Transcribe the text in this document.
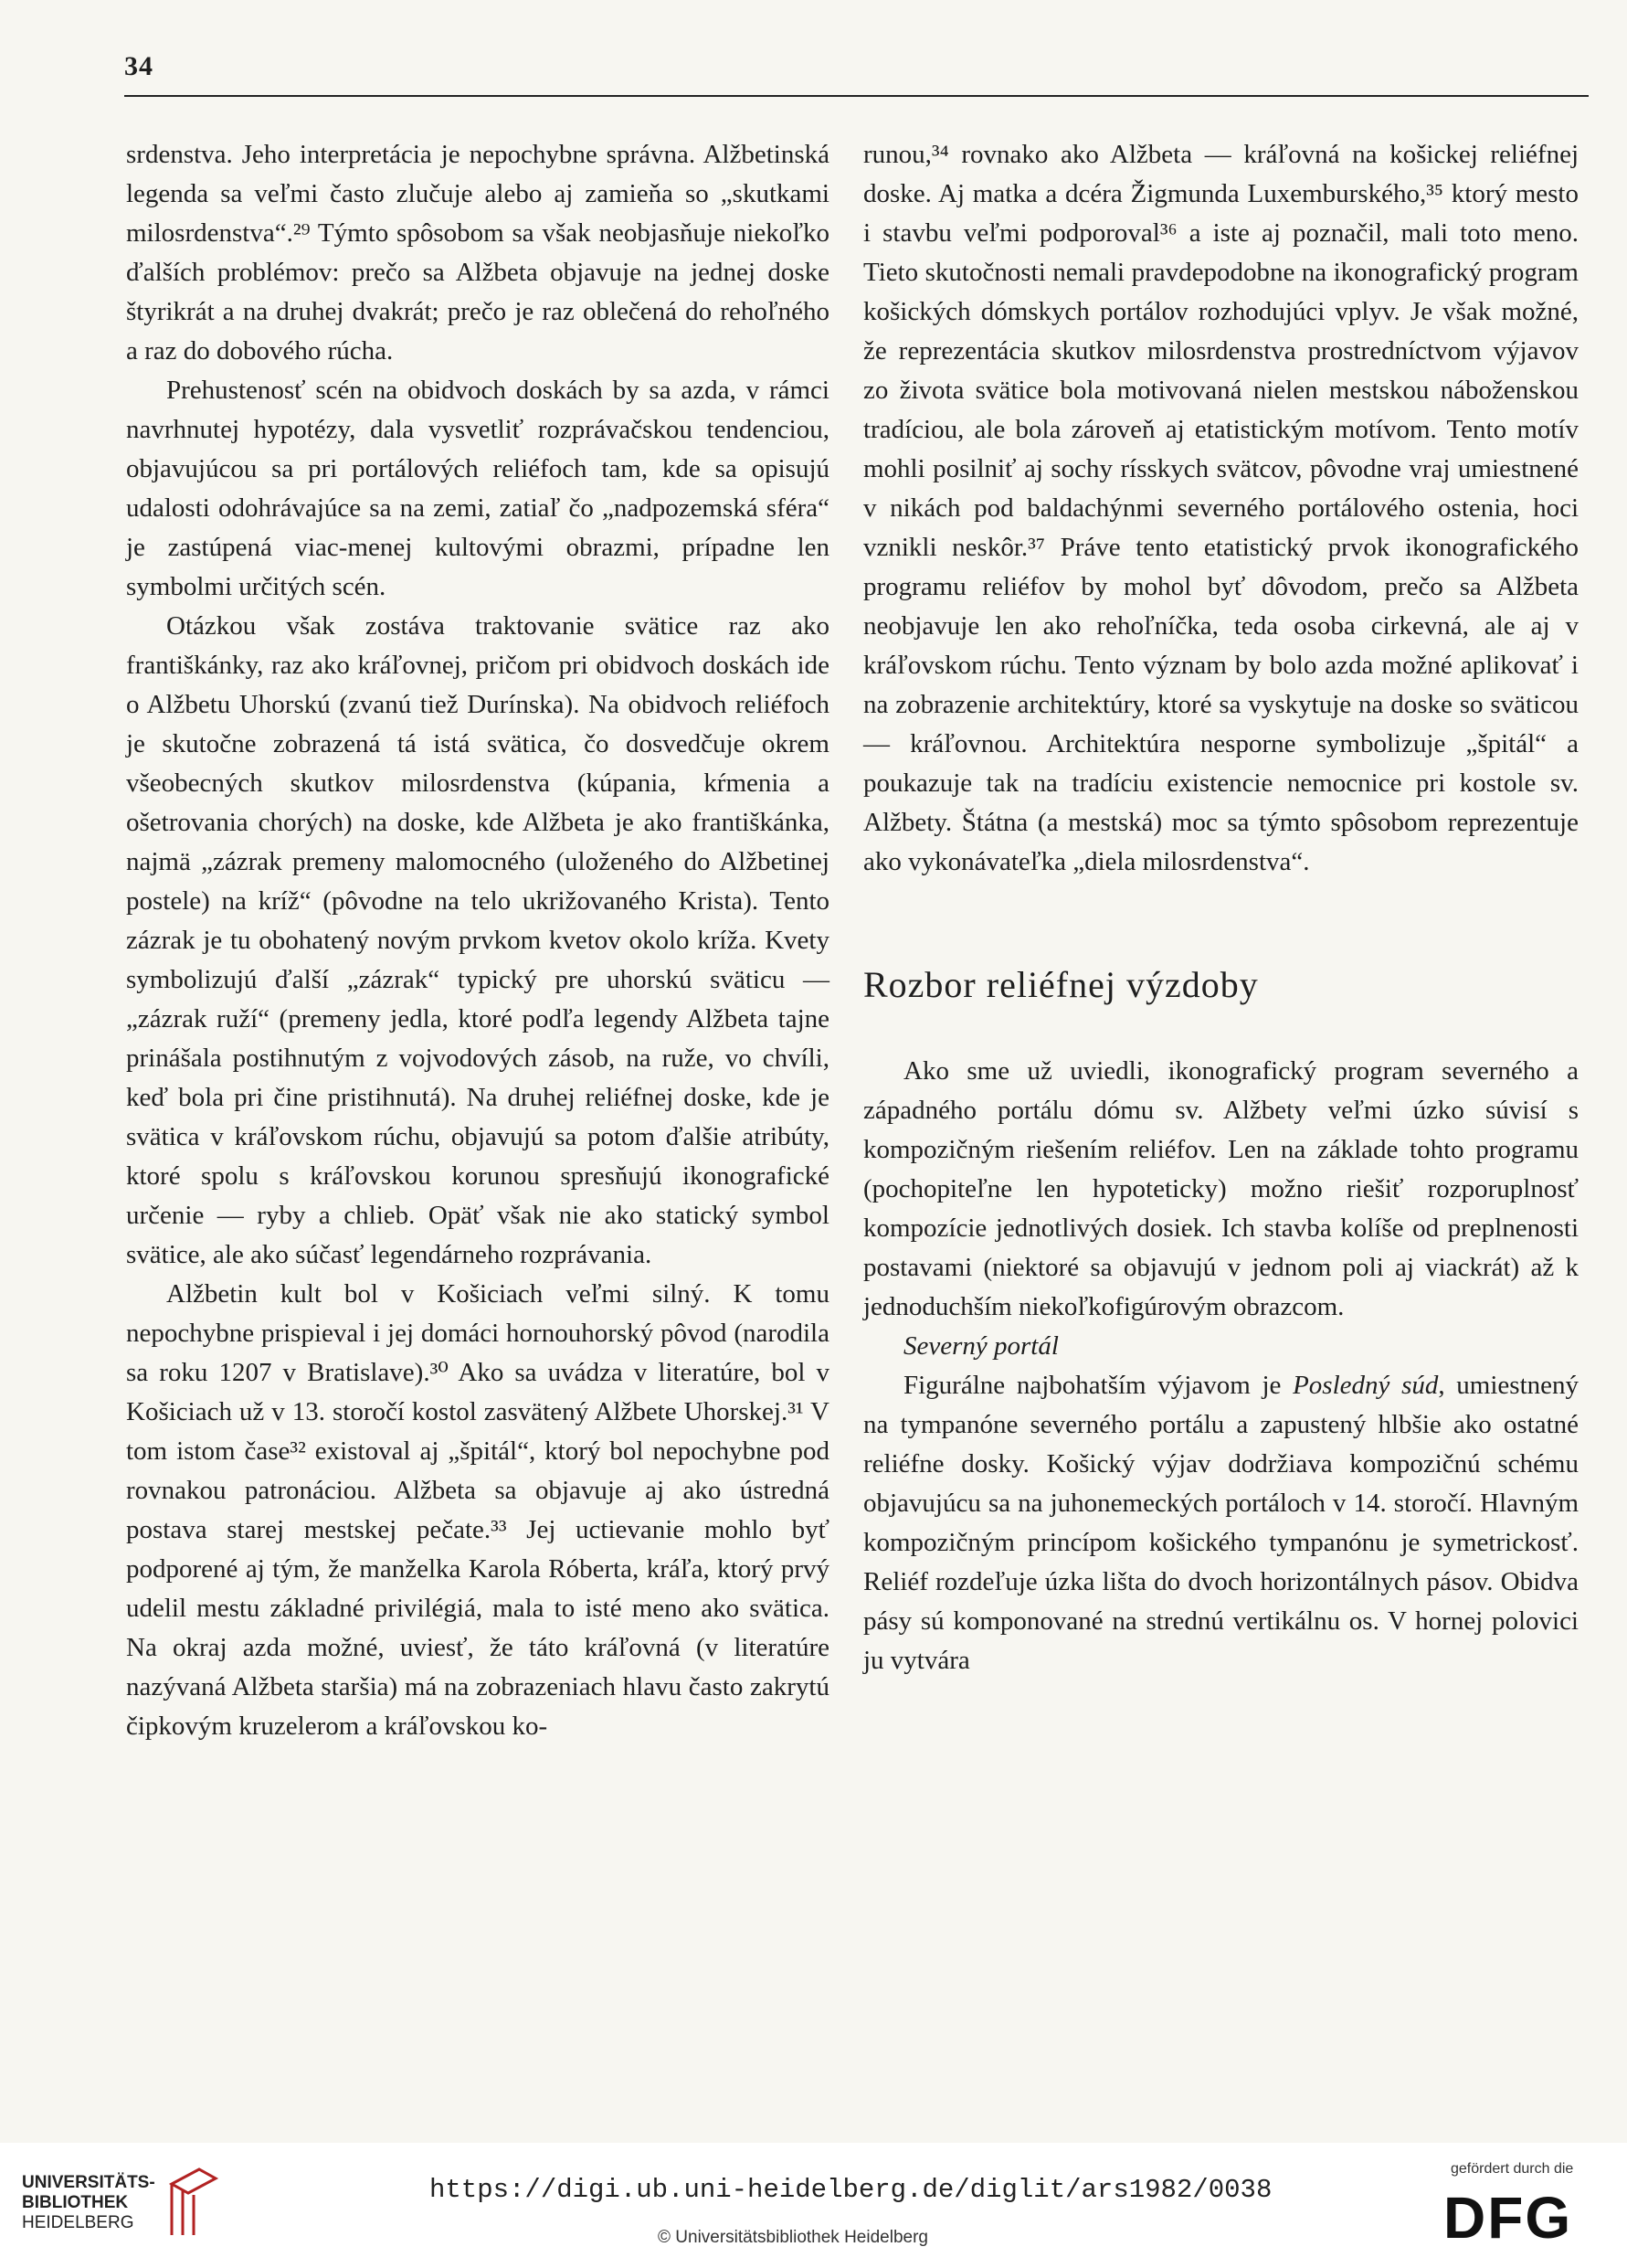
34

srdenstva. Jeho interpretácia je nepochybne správna. Alžbetinská legenda sa veľmi často zlučuje alebo aj zamieňa so „skutkami milosrdenstva“.²⁹ Týmto spôsobom sa však neobjasňuje niekoľko ďalších problémov: prečo sa Alžbeta objavuje na jednej doske štyrikrát a na druhej dvakrát; prečo je raz oblečená do rehoľného a raz do dobového rúcha.

Prehustenosť scén na obidvoch doskách by sa azda, v rámci navrhnutej hypotézy, dala vysvetliť rozprávačskou tendenciou, objavujúcou sa pri portálových reliéfoch tam, kde sa opisujú udalosti odohrávajúce sa na zemi, zatiaľ čo „nadpozemská sféra“ je zastúpená viac-menej kultovými obrazmi, prípadne len symbolmi určitých scén.

Otázkou však zostáva traktovanie svätice raz ako františkánky, raz ako kráľovnej, pričom pri obidvoch doskách ide o Alžbetu Uhorskú (zvanú tiež Durínska). Na obidvoch reliéfoch je skutočne zobrazená tá istá svätica, čo dosvedčuje okrem všeobecných skutkov milosrdenstva (kúpania, kŕmenia a ošetrovania chorých) na doske, kde Alžbeta je ako františkánka, najmä „zázrak premeny malomocného (uloženého do Alžbetinej postele) na kríž“ (pôvodne na telo ukrižovaného Krista). Tento zázrak je tu obohatený novým prvkom kvetov okolo kríža. Kvety symbolizujú ďalší „zázrak“ typický pre uhorskú sväticu — „zázrak ruží“ (premeny jedla, ktoré podľa legendy Alžbeta tajne prinášala postihnutým z vojvodových zásob, na ruže, vo chvíli, keď bola pri čine pristihnutá). Na druhej reliéfnej doske, kde je svätica v kráľovskom rúchu, objavujú sa potom ďalšie atribúty, ktoré spolu s kráľovskou korunou spresňujú ikonografické určenie — ryby a chlieb. Opäť však nie ako statický symbol svätice, ale ako súčasť legendárneho rozprávania.

Alžbetin kult bol v Košiciach veľmi silný. K tomu nepochybne prispieval i jej domáci hornouhorský pôvod (narodila sa roku 1207 v Bratislave).³⁰ Ako sa uvádza v literatúre, bol v Košiciach už v 13. storočí kostol zasvätený Alžbete Uhorskej.³¹ V tom istom čase³² existoval aj „špitál“, ktorý bol nepochybne pod rovnakou patronáciou. Alžbeta sa objavuje aj ako ústredná postava starej mestskej pečate.³³ Jej uctievanie mohlo byť podporené aj tým, že manželka Karola Róberta, kráľa, ktorý prvý udelil mestu základné privilégiá, mala to isté meno ako svätica. Na okraj azda možné, uviesť, že táto kráľovná (v literatúre nazývaná Alžbeta staršia) má na zobrazeniach hlavu často zakrytú čipkovým kruzelerom a kráľovskou ko-

runou,³⁴ rovnako ako Alžbeta — kráľovná na košickej reliéfnej doske. Aj matka a dcéra Žigmunda Luxemburského,³⁵ ktorý mesto i stavbu veľmi podporoval³⁶ a iste aj poznačil, mali toto meno. Tieto skutočnosti nemali pravdepodobne na ikonografický program košických dómskych portálov rozhodujúci vplyv. Je však možné, že reprezentácia skutkov milosrdenstva prostredníctvom výjavov zo života svätice bola motivovaná nielen mestskou náboženskou tradíciou, ale bola zároveň aj etatistickým motívom. Tento motív mohli posilniť aj sochy rísskych svätcov, pôvodne vraj umiestnené v nikách pod baldachýnmi severného portálového ostenia, hoci vznikli neskôr.³⁷ Práve tento etatistický prvok ikonografického programu reliéfov by mohol byť dôvodom, prečo sa Alžbeta neobjavuje len ako rehoľníčka, teda osoba cirkevná, ale aj v kráľovskom rúchu. Tento význam by bolo azda možné aplikovať i na zobrazenie architektúry, ktoré sa vyskytuje na doske so sväticou — kráľovnou. Architektúra nesporne symbolizuje „špitál“ a poukazuje tak na tradíciu existencie nemocnice pri kostole sv. Alžbety. Štátna (a mestská) moc sa týmto spôsobom reprezentuje ako vykonávateľka „diela milosrdenstva“.

Rozbor reliéfnej výzdoby

Ako sme už uviedli, ikonografický program severného a západného portálu dómu sv. Alžbety veľmi úzko súvisí s kompozičným riešením reliéfov. Len na základe tohto programu (pochopiteľne len hypoteticky) možno riešiť rozporuplnosť kompozície jednotlivých dosiek. Ich stavba kolíše od preplnenosti postavami (niektoré sa objavujú v jednom poli aj viackrát) až k jednoduchším niekoľkofigúrovým obrazcom.

Severný portál

Figurálne najbohatším výjavom je Posledný súd, umiestnený na tympanóne severného portálu a zapustený hlbšie ako ostatné reliéfne dosky. Košický výjav dodržiava kompozičnú schému objavujúcu sa na juhonemeckých portáloch v 14. storočí. Hlavným kompozičným princípom košického tympanónu je symetrickosť. Reliéf rozdeľuje úzka lišta do dvoch horizontálnych pásov. Obidva pásy sú komponované na strednú vertikálnu os. V hornej polovici ju vytvára

UNIVERSITÄTS-
BIBLIOTHEK
HEIDELBERG
https://digi.ub.uni-heidelberg.de/diglit/ars1982/0038
© Universitätsbibliothek Heidelberg
gefördert durch die
DFG
